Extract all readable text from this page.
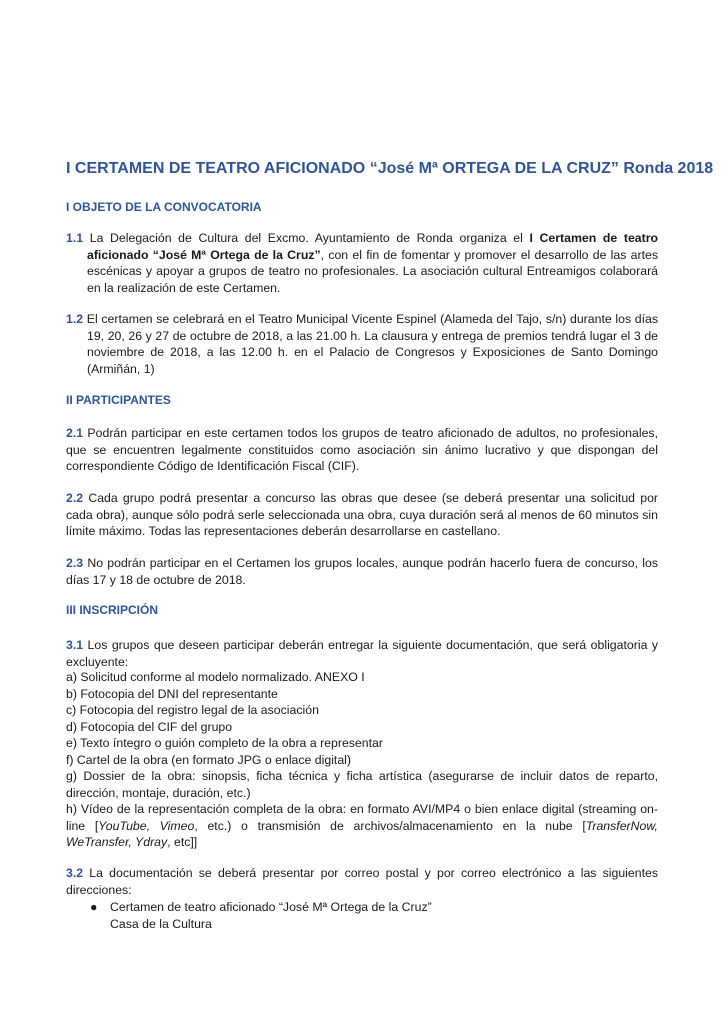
I CERTAMEN DE TEATRO AFICIONADO “José Mª ORTEGA DE LA CRUZ” Ronda 2018
I OBJETO DE LA CONVOCATORIA
1.1 La Delegación de Cultura del Excmo. Ayuntamiento de Ronda organiza el I Certamen de teatro aficionado “José Mª Ortega de la Cruz”, con el fin de fomentar y promover el desarrollo de las artes escénicas y apoyar a grupos de teatro no profesionales. La asociación cultural Entreamigos colaborará en la realización de este Certamen.
1.2 El certamen se celebrará en el Teatro Municipal Vicente Espinel (Alameda del Tajo, s/n) durante los días 19, 20, 26 y 27 de octubre de 2018, a las 21.00 h. La clausura y entrega de premios tendrá lugar el 3 de noviembre de 2018, a las 12.00 h. en el Palacio de Congresos y Exposiciones de Santo Domingo (Armiñán, 1)
II PARTICIPANTES
2.1 Podrán participar en este certamen todos los grupos de teatro aficionado de adultos, no profesionales, que se encuentren legalmente constituidos como asociación sin ánimo lucrativo y que dispongan del correspondiente Código de Identificación Fiscal (CIF).
2.2 Cada grupo podrá presentar a concurso las obras que desee (se deberá presentar una solicitud por cada obra), aunque sólo podrá serle seleccionada una obra, cuya duración será al menos de 60 minutos sin límite máximo. Todas las representaciones deberán desarrollarse en castellano.
2.3 No podrán participar en el Certamen los grupos locales, aunque podrán hacerlo fuera de concurso, los días 17 y 18 de octubre de 2018.
III INSCRIPCIÓN
3.1 Los grupos que deseen participar deberán entregar la siguiente documentación, que será obligatoria y excluyente:
a) Solicitud conforme al modelo normalizado. ANEXO I
b) Fotocopia del DNI del representante
c) Fotocopia del registro legal de la asociación
d) Fotocopia del CIF del grupo
e) Texto íntegro o guión completo de la obra a representar
f) Cartel de la obra (en formato JPG o enlace digital)
g) Dossier de la obra: sinopsis, ficha técnica y ficha artística (asegurarse de incluir datos de reparto, dirección, montaje, duración, etc.)
h) Vídeo de la representación completa de la obra: en formato AVI/MP4 o bien enlace digital (streaming on-line [YouTube, Vimeo, etc.) o transmisión de archivos/almacenamiento en la nube [TransferNow, WeTransfer, Ydray, etc]]
3.2 La documentación se deberá presentar por correo postal y por correo electrónico a las siguientes direcciones:
● Certamen de teatro aficionado “José Mª Ortega de la Cruz”
Casa de la Cultura
